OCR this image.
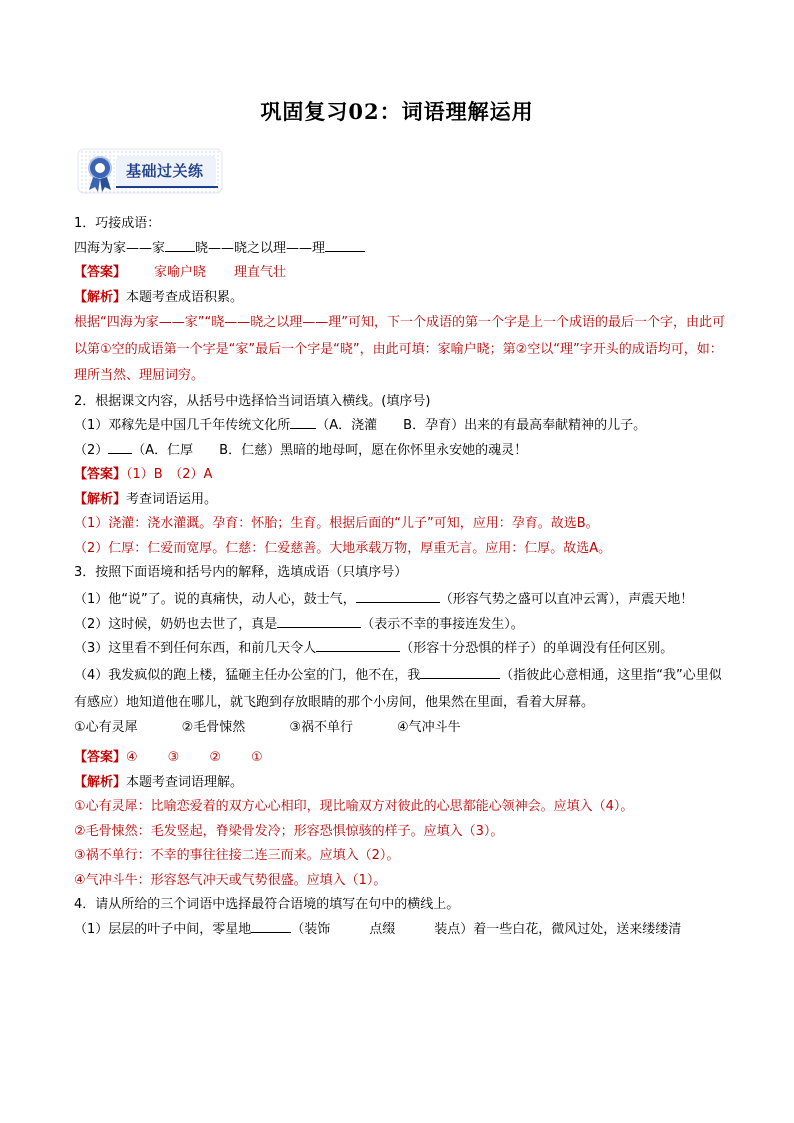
巩固复习02：词语理解运用
基础过关练
1．巧接成语：
四海为家——家 晓——晓之以理——理
【答案】 家喻户晓 理直气壮
【解析】本题考查成语积累。
根据“四海为家——家”“晓——晓之以理——理”可知，下一个成语的第一个字是上一个成语的最后一个字，由此可以第①空的成语第一个字是“家”最后一个字是“晓”，由此可填：家喻户晓；第②空以“理”字开头的成语均可，如：理所当然、理屈词穷。
2．根据课文内容，从括号中选择恰当词语填入横线。(填序号)
（1）邓稼先是中国几千年传统文化所 （A．浇灌　　B．孕育）出来的有最高奉献精神的儿子。
（2） （A．仁厚　　B．仁慈）黑暗的地母呵，愿在你怀里永安她的魂灵！
【答案】（1）B　（2）A
【解析】考查词语运用。
（1）浇灌：浇水灌溉。孕育：怀胎；生育。根据后面的“儿子”可知，应用：孕育。故选B。
（2）仁厚：仁爱而宽厚。仁慈：仁爱慈善。大地承载万物，厚重无言。应用：仁厚。故选A。
3．按照下面语境和括号内的解释，选填成语（只填序号）
（1）他“说”了。说的真痛快，动人心，鼓士气，	（形容气势之盛可以直冲云霄），声震天地！
（2）这时候，奶奶也去世了，真是	（表示不幸的事接连发生）。
（3）这里看不到任何东西，和前几天令人	（形容十分恐惧的样子）的单调没有任何区别。
（4）我发疯似的跑上楼，猛砸主任办公室的门，他不在，我	（指彼此心意相通，这里指“我”心里似有感应）地知道他在哪儿，就飞跑到存放眼睛的那个小房间，他果然在里面，看着大屏幕。
①心有灵犀	②毛骨悚然	③祸不单行	④气冲斗牛
【答案】④ ③ ② ①
【解析】本题考查词语理解。
①心有灵犀：比喻恋爱着的双方心心相印，现比喻双方对彼此的心思都能心领神会。应填入（4）。
②毛骨悚然：毛发竖起，脊梁骨发冷；形容恐惧惊骇的样子。应填入（3）。
③祸不单行：不幸的事往往接二连三而来。应填入（2）。
④气冲斗牛：形容怒气冲天或气势很盛。应填入（1）。
4．请从所给的三个词语中选择最符合语境的填写在句中的横线上。
（1）层层的叶子中间，零星地	（装饰　　　点缀　　　装点）着一些白花，微风过处，送来缕缕清
